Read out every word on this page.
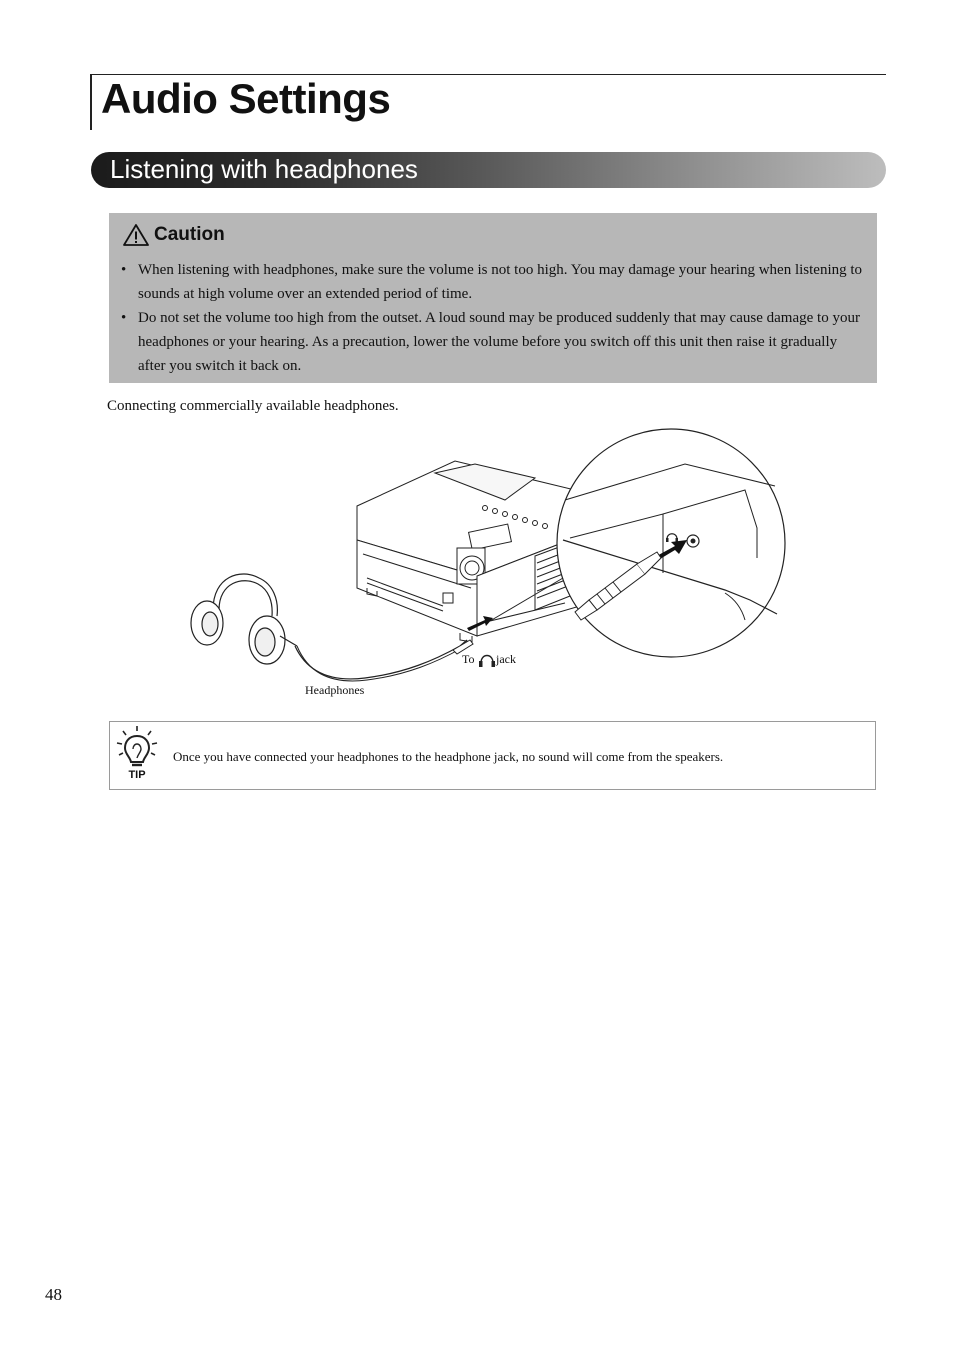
Audio Settings
Listening with headphones
Caution
• When listening with headphones, make sure the volume is not too high. You may damage your hearing when listening to sounds at high volume over an extended period of time.
• Do not set the volume too high from the outset. A loud sound may be produced suddenly that may cause damage to your headphones or your hearing. As a precaution, lower the volume before you switch off this unit then raise it gradually after you switch it back on.

Connecting commercially available headphones.

To jack
Headphones
TIP

Once you have connected your headphones to the headphone jack, no sound will come from the speakers.

48
